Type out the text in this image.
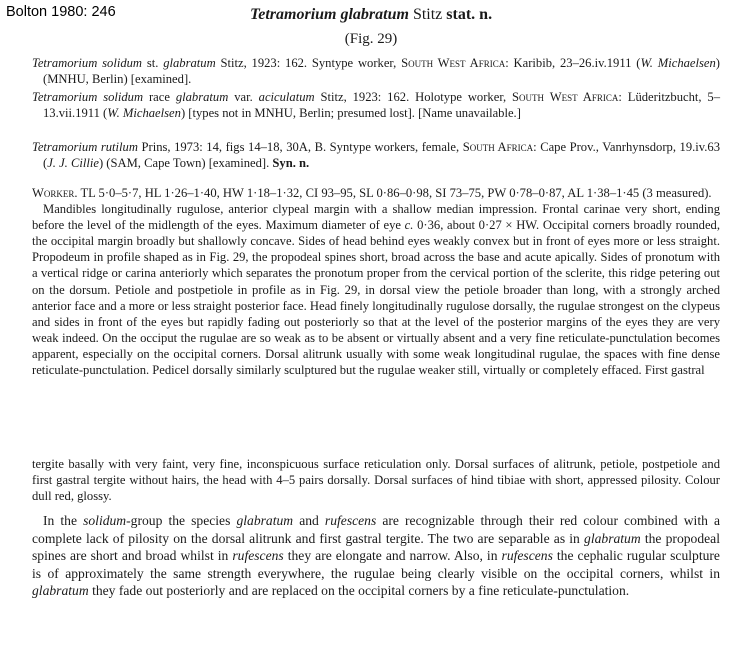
Bolton 1980: 246	Tetramorium glabratum Stitz stat. n.
(Fig. 29)
Tetramorium solidum st. glabratum Stitz, 1923: 162. Syntype worker, South West Africa: Karibib, 23–26.iv.1911 (W. Michaelsen) (MNHU, Berlin) [examined].
Tetramorium solidum race glabratum var. aciculatum Stitz, 1923: 162. Holotype worker, South West Africa: Lüderitzbucht, 5–13.vii.1911 (W. Michaelsen) [types not in MNHU, Berlin; presumed lost]. [Name unavailable.]
Tetramorium rutilum Prins, 1973: 14, figs 14–18, 30A, B. Syntype workers, female, South Africa: Cape Prov., Vanrhynsdorp, 19.iv.63 (J. J. Cillie) (SAM, Cape Town) [examined]. Syn. n.
Worker. TL 5·0–5·7, HL 1·26–1·40, HW 1·18–1·32, CI 93–95, SL 0·86–0·98, SI 73–75, PW 0·78–0·87, AL 1·38–1·45 (3 measured).
Mandibles longitudinally rugulose, anterior clypeal margin with a shallow median impression. Frontal carinae very short, ending before the level of the midlength of the eyes. Maximum diameter of eye c. 0·36, about 0·27 × HW. Occipital corners broadly rounded, the occipital margin broadly but shallowly concave. Sides of head behind eyes weakly convex but in front of eyes more or less straight. Propodeum in profile shaped as in Fig. 29, the propodeal spines short, broad across the base and acute apically. Sides of pronotum with a vertical ridge or carina anteriorly which separates the pronotum proper from the cervical portion of the sclerite, this ridge petering out on the dorsum. Petiole and postpetiole in profile as in Fig. 29, in dorsal view the petiole broader than long, with a strongly arched anterior face and a more or less straight posterior face. Head finely longitudinally rugulose dorsally, the rugulae strongest on the clypeus and sides in front of the eyes but rapidly fading out posteriorly so that at the level of the posterior margins of the eyes they are very weak indeed. On the occiput the rugulae are so weak as to be absent or virtually absent and a very fine reticulate-punctulation becomes apparent, especially on the occipital corners. Dorsal alitrunk usually with some weak longitudinal rugulae, the spaces with fine dense reticulate-punctulation. Pedicel dorsally similarly sculptured but the rugulae weaker still, virtually or completely effaced. First gastral
tergite basally with very faint, very fine, inconspicuous surface reticulation only. Dorsal surfaces of alitrunk, petiole, postpetiole and first gastral tergite without hairs, the head with 4–5 pairs dorsally. Dorsal surfaces of hind tibiae with short, appressed pilosity. Colour dull red, glossy.
In the solidum-group the species glabratum and rufescens are recognizable through their red colour combined with a complete lack of pilosity on the dorsal alitrunk and first gastral tergite. The two are separable as in glabratum the propodeal spines are short and broad whilst in rufescens they are elongate and narrow. Also, in rufescens the cephalic rugular sculpture is of approximately the same strength everywhere, the rugulae being clearly visible on the occipital corners, whilst in glabratum they fade out posteriorly and are replaced on the occipital corners by a fine reticulate-punctulation.
